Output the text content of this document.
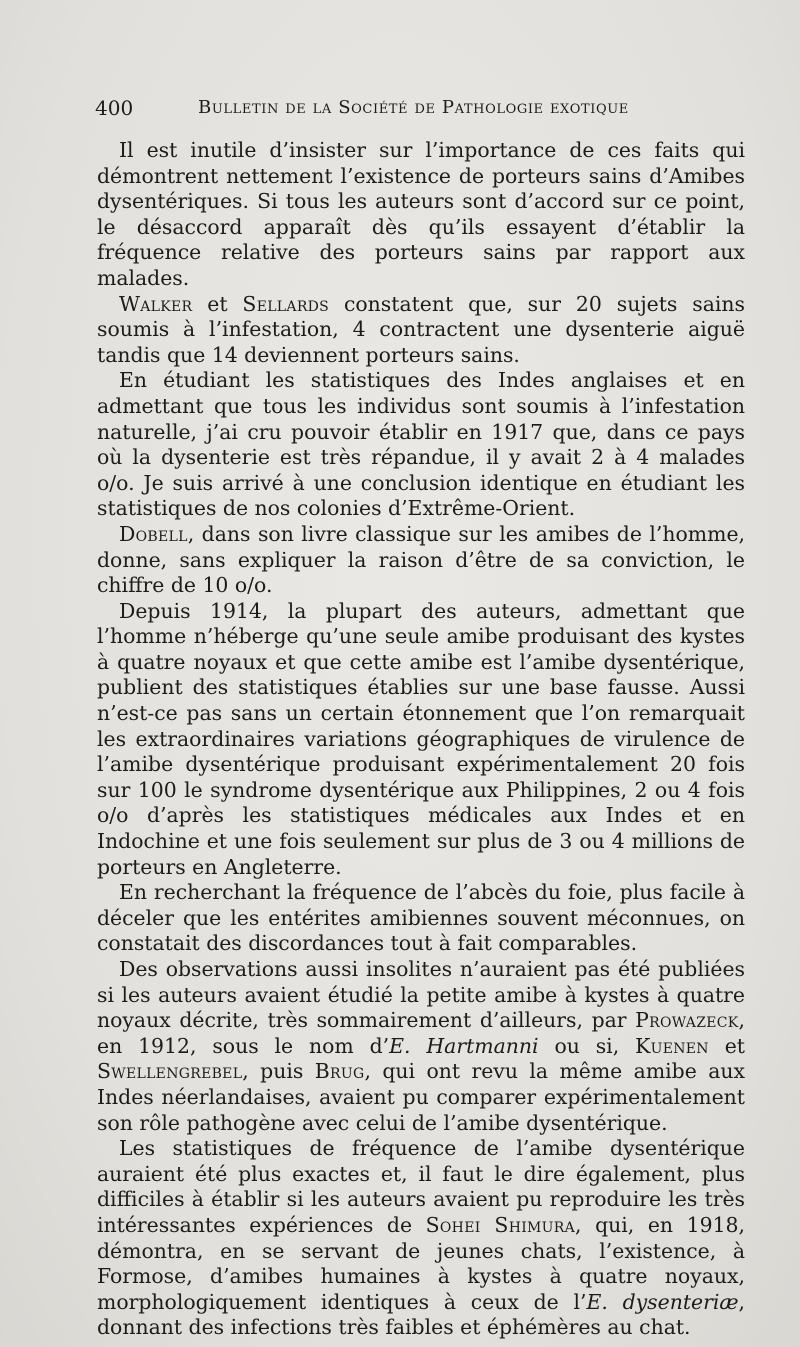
400	Bulletin de la Société de Pathologie exotique

Il est inutile d’insister sur l’importance de ces faits qui démontrent nettement l’existence de porteurs sains d’Amibes dysentériques. Si tous les auteurs sont d’accord sur ce point, le désaccord apparaît dès qu’ils essayent d’établir la fréquence relative des porteurs sains par rapport aux malades.

Walker et Sellards constatent que, sur 20 sujets sains soumis à l’infestation, 4 contractent une dysenterie aiguë tandis que 14 deviennent porteurs sains.

En étudiant les statistiques des Indes anglaises et en admettant que tous les individus sont soumis à l’infestation naturelle, j’ai cru pouvoir établir en 1917 que, dans ce pays où la dysenterie est très répandue, il y avait 2 à 4 malades o/o. Je suis arrivé à une conclusion identique en étudiant les statistiques de nos colonies d’Extrême-Orient.

Dobell, dans son livre classique sur les amibes de l’homme, donne, sans expliquer la raison d’être de sa conviction, le chiffre de 10 o/o.

Depuis 1914, la plupart des auteurs, admettant que l’homme n’héberge qu’une seule amibe produisant des kystes à quatre noyaux et que cette amibe est l’amibe dysentérique, publient des statistiques établies sur une base fausse. Aussi n’est-ce pas sans un certain étonnement que l’on remarquait les extraordinaires variations géographiques de virulence de l’amibe dysentérique produisant expérimentalement 20 fois sur 100 le syndrome dysentérique aux Philippines, 2 ou 4 fois o/o d’après les statistiques médicales aux Indes et en Indochine et une fois seulement sur plus de 3 ou 4 millions de porteurs en Angleterre.

En recherchant la fréquence de l’abcès du foie, plus facile à déceler que les entérites amibiennes souvent méconnues, on constatait des discordances tout à fait comparables.

Des observations aussi insolites n’auraient pas été publiées si les auteurs avaient étudié la petite amibe à kystes à quatre noyaux décrite, très sommairement d’ailleurs, par Prowazeck, en 1912, sous le nom d’E. Hartmanni ou si, Kuenen et Swellengrebel, puis Brug, qui ont revu la même amibe aux Indes néerlandaises, avaient pu comparer expérimentalement son rôle pathogène avec celui de l’amibe dysentérique.

Les statistiques de fréquence de l’amibe dysentérique auraient été plus exactes et, il faut le dire également, plus difficiles à établir si les auteurs avaient pu reproduire les très intéressantes expériences de Sohei Shimura, qui, en 1918, démontra, en se servant de jeunes chats, l’existence, à Formose, d’amibes humaines à kystes à quatre noyaux, morphologiquement identiques à ceux de l’E. dysenteriæ, donnant des infections très faibles et éphémères au chat.
